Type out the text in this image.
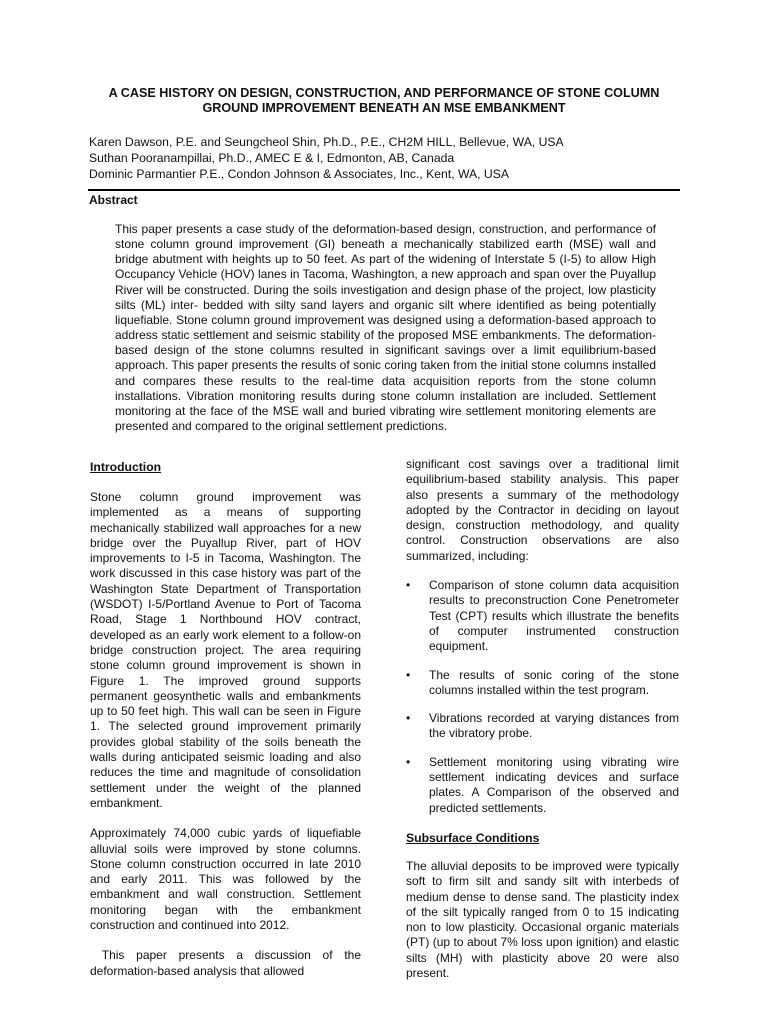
A CASE HISTORY ON DESIGN, CONSTRUCTION, AND PERFORMANCE OF STONE COLUMN
GROUND IMPROVEMENT BENEATH AN MSE EMBANKMENT
Karen Dawson, P.E. and Seungcheol Shin, Ph.D., P.E., CH2M HILL, Bellevue, WA, USA
Suthan Pooranampillai, Ph.D., AMEC E & I, Edmonton, AB, Canada
Dominic Parmantier P.E., Condon Johnson & Associates, Inc., Kent, WA, USA
Abstract
This paper presents a case study of the deformation-based design, construction, and performance of stone column ground improvement (GI) beneath a mechanically stabilized earth (MSE) wall and bridge abutment with heights up to 50 feet. As part of the widening of Interstate 5 (I-5) to allow High Occupancy Vehicle (HOV) lanes in Tacoma, Washington, a new approach and span over the Puyallup River will be constructed. During the soils investigation and design phase of the project, low plasticity silts (ML) inter- bedded with silty sand layers and organic silt where identified as being potentially liquefiable. Stone column ground improvement was designed using a deformation-based approach to address static settlement and seismic stability of the proposed MSE embankments. The deformation-based design of the stone columns resulted in significant savings over a limit equilibrium-based approach. This paper presents the results of sonic coring taken from the initial stone columns installed and compares these results to the real-time data acquisition reports from the stone column installations. Vibration monitoring results during stone column installation are included. Settlement monitoring at the face of the MSE wall and buried vibrating wire settlement monitoring elements are presented and compared to the original settlement predictions.
Introduction

Stone column ground improvement was implemented as a means of supporting mechanically stabilized wall approaches for a new bridge over the Puyallup River, part of HOV improvements to I-5 in Tacoma, Washington. The work discussed in this case history was part of the Washington State Department of Transportation (WSDOT) I-5/Portland Avenue to Port of Tacoma Road, Stage 1 Northbound HOV contract, developed as an early work element to a follow-on bridge construction project. The area requiring stone column ground improvement is shown in Figure 1. The improved ground supports permanent geosynthetic walls and embankments up to 50 feet high. This wall can be seen in Figure 1. The selected ground improvement primarily provides global stability of the soils beneath the walls during anticipated seismic loading and also reduces the time and magnitude of consolidation settlement under the weight of the planned embankment.

Approximately 74,000 cubic yards of liquefiable alluvial soils were improved by stone columns. Stone column construction occurred in late 2010 and early 2011. This was followed by the embankment and wall construction. Settlement monitoring began with the embankment construction and continued into 2012.

This paper presents a discussion of the deformation-based analysis that allowed

significant cost savings over a traditional limit equilibrium-based stability analysis. This paper also presents a summary of the methodology adopted by the Contractor in deciding on layout design, construction methodology, and quality control. Construction observations are also summarized, including:

• Comparison of stone column data acquisition results to preconstruction Cone Penetrometer Test (CPT) results which illustrate the benefits of computer instrumented construction equipment.
• The results of sonic coring of the stone columns installed within the test program.
• Vibrations recorded at varying distances from the vibratory probe.
• Settlement monitoring using vibrating wire settlement indicating devices and surface plates. A Comparison of the observed and predicted settlements.
Subsurface Conditions

The alluvial deposits to be improved were typically soft to firm silt and sandy silt with interbeds of medium dense to dense sand. The plasticity index of the silt typically ranged from 0 to 15 indicating non to low plasticity. Occasional organic materials (PT) (up to about 7% loss upon ignition) and elastic silts (MH) with plasticity above 20 were also present.
